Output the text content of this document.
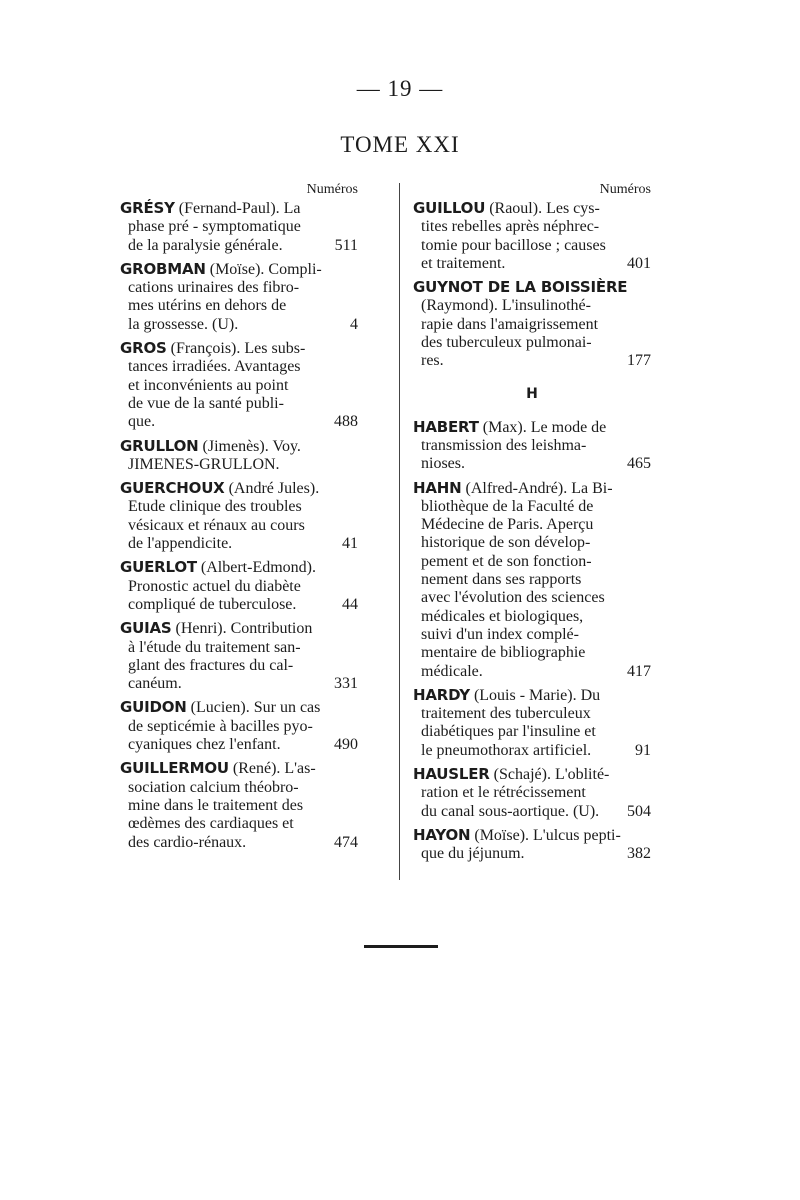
— 19 —
TOME XXI
Numéros
GRÉSY (Fernand-Paul). La
phase pré - symptomatique
de la paralysie générale.	511
GROBMAN (Moïse). Compli-
cations urinaires des fibro-
mes utérins en dehors de
la grossesse. (U).	4
GROS (François). Les subs-
tances irradiées. Avantages
et inconvénients au point
de vue de la santé publi-
que.	488
GRULLON (Jimenès). Voy.
JIMENES-GRULLON.
GUERCHOUX (André Jules).
Etude clinique des troubles
vésicaux et rénaux au cours
de l'appendicite.	41
GUERLOT (Albert-Edmond).
Pronostic actuel du diabète
compliqué de tuberculose.	44
GUIAS (Henri). Contribution
à l'étude du traitement san-
glant des fractures du cal-
canéum.	331
GUIDON (Lucien). Sur un cas
de septicémie à bacilles pyo-
cyaniques chez l'enfant.	490
GUILLERMOU (René). L'as-
sociation calcium théobro-
mine dans le traitement des
œdèmes des cardiaques et
des cardio-rénaux.	474
Numéros
GUILLOU (Raoul). Les cys-
tites rebelles après néphrec-
tomie pour bacillose ; causes
et traitement.	401
GUYNOT DE LA BOISSIÈRE
(Raymond). L'insulinothé-
rapie dans l'amaigrissement
des tuberculeux pulmonai-
res.	177
H
HABERT (Max). Le mode de
transmission des leishma-
nioses.	465
HAHN (Alfred-André). La Bi-
bliothèque de la Faculté de
Médecine de Paris. Aperçu
historique de son dévelop-
pement et de son fonction-
nement dans ses rapports
avec l'évolution des sciences
médicales et biologiques,
suivi d'un index complé-
mentaire de bibliographie
médicale.	417
HARDY (Louis - Marie). Du
traitement des tuberculeux
diabétiques par l'insuline et
le pneumothorax artificiel.	91
HAUSLER (Schajé). L'oblité-
ration et le rétrécissement
du canal sous-aortique. (U).	504
HAYON (Moïse). L'ulcus pepti-
que du jéjunum.	382
